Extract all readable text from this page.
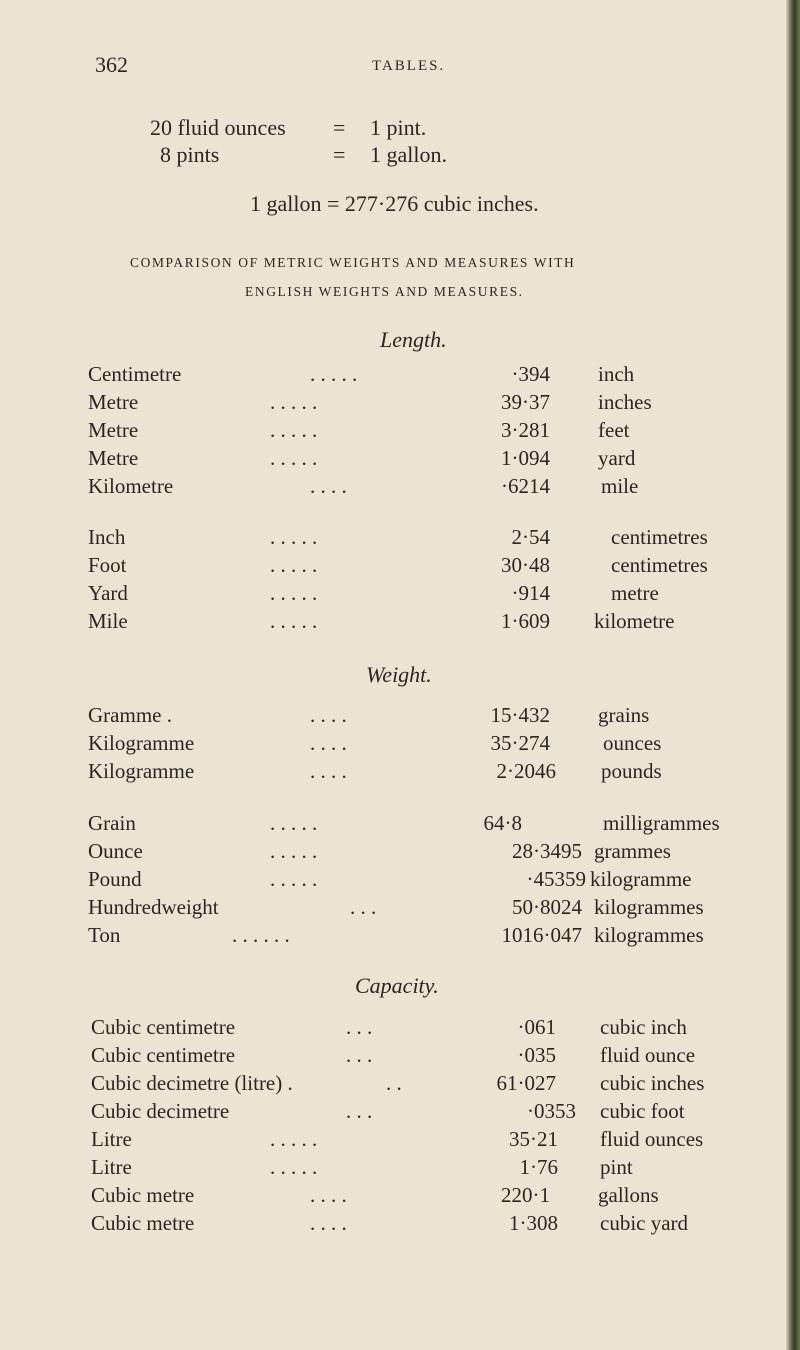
362	TABLES.
20 fluid ounces = 1 pint.
8 pints	= 1 gallon.
1 gallon = 277·276 cubic inches.
COMPARISON OF METRIC WEIGHTS AND MEASURES WITH
ENGLISH WEIGHTS AND MEASURES.
Length.
Centimetre	. . . . .	·394 inch
Metre	. . . . .	39·37 inches
Metre	. . . . .	3·281 feet
Metre	. . . . .	1·094 yard
Kilometre	. . . .	·6214 mile
Inch	. . . . .	2·54	centimetres
Foot	. . . . .	30·48	centimetres
Yard	. . . . .	·914	metre
Mile	. . . . .	1·609 kilometre
Weight.
Gramme .	. . . .	15·432 grains
Kilogramme	. . . .	35·274	ounces
Kilogramme	. . . .	2·2046 pounds
Grain	. . . . .	64·8	milligrammes
Ounce	. . . . .	28·3495 grammes
Pound	. . . . .	·45359 kilogramme
Hundredweight	. . .	50·8024 kilogrammes
Ton	. . . . . .	1016·047 kilogrammes
Capacity.
Cubic centimetre	. . .	·061 cubic inch
Cubic centimetre	. . .	·035 fluid ounce
Cubic decimetre (litre) .	. .	61·027 cubic inches
Cubic decimetre	. . .	·0353 cubic foot
Litre	. . . . .	35·21 fluid ounces
Litre	. . . . .	1·76 pint
Cubic metre	. . . .	220·1 gallons
Cubic metre	. . . .	1·308 cubic yard
